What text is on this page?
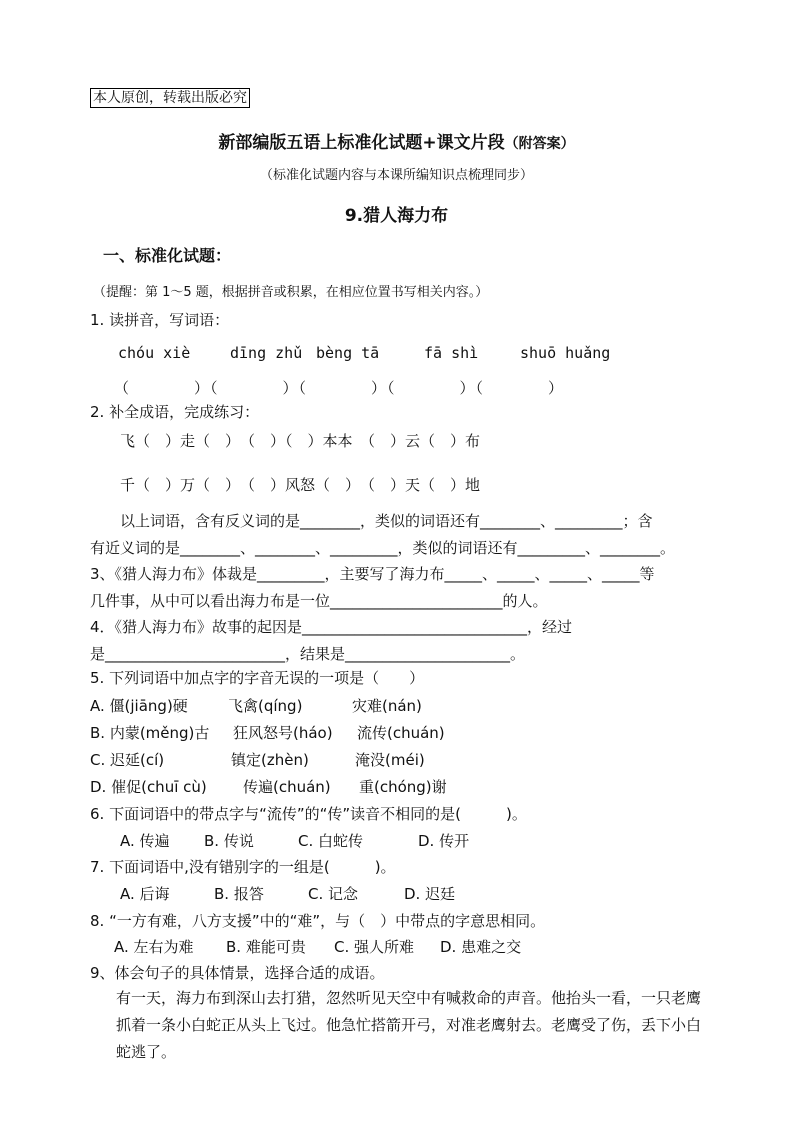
本人原创，转载出版必究
新部编版五语上标准化试题+课文片段（附答案）
（标准化试题内容与本课所编知识点梳理同步）
9.猎人海力布
一、标准化试题：
（提醒：第 1～5 题，根据拼音或积累，在相应位置书写相关内容。）
1. 读拼音，写词语：
chóu xiè	dīng zhǔ bèng tā	fā shì	shuō huǎng
（　　　　）（　　　　）（　　　　）（　　　　）（　　　　）
2. 补全成语，完成练习：
飞（　）走（　）　（　）（　）本本　（　）云（　）布
千（　）万（　）　（　）风怒（　）　（　）天（　）地
以上词语，含有反义词的是________，类似的词语还有________、_________；含
有近义词的是________、________、_________，类似的词语还有_________、________。
3、《猎人海力布》体裁是_________，主要写了海力布_____、_____、_____、_____等
几件事，从中可以看出海力布是一位_______________________的人。
4．《猎人海力布》故事的起因是______________________________，经过
是________________________，结果是______________________。
5. 下列词语中加点字的字音无误的一项是（　　）
A. 僵(jiāng)硬	飞禽(qíng)	灾难(nán)
B. 内蒙(měng)古 狂风怒号(háo) 流传(chuán)
C. 迟延(cí)	镇定(zhèn)	淹没(méi)
D. 催促(chuī cù) 传遍(chuán) 重(chóng)谢
6. 下面词语中的带点字与“流传”的“传”读音不相同的是(　　　)。
A. 传遍 B. 传说	C. 白蛇传	D. 传开
7. 下面词语中,没有错别字的一组是(　　　)。
A. 后诲	B. 报答	C. 记念	D. 迟廷
8. “一方有难，八方支援”中的“难”，与（　）中带点的字意思相同。
A. 左右为难 B. 难能可贵 C. 强人所难 D. 患难之交
9、体会句子的具体情景，选择合适的成语。
有一天，海力布到深山去打猎，忽然听见天空中有喊救命的声音。他抬头一看，一只老鹰抓着一条小白蛇正从头上飞过。他急忙搭箭开弓，对准老鹰射去。老鹰受了伤，丢下小白蛇逃了。
